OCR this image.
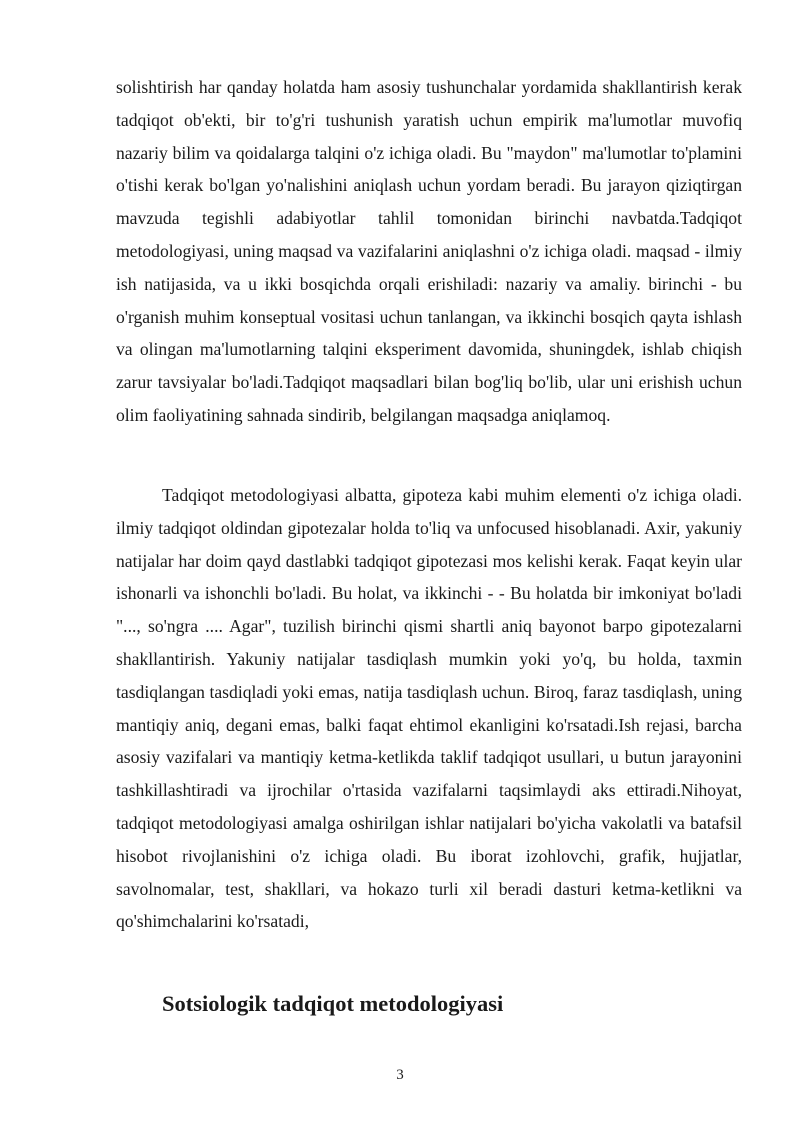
solishtirish har qanday holatda ham asosiy tushunchalar yordamida shakllantirish kerak tadqiqot ob'ekti, bir to'g'ri tushunish yaratish uchun empirik ma'lumotlar muvofiq nazariy bilim va qoidalarga talqini o'z ichiga oladi. Bu "maydon" ma'lumotlar to'plamini o'tishi kerak bo'lgan yo'nalishini aniqlash uchun yordam beradi. Bu jarayon qiziqtirgan mavzuda tegishli adabiyotlar tahlil tomonidan birinchi navbatda.Tadqiqot metodologiyasi, uning maqsad va vazifalarini aniqlashni o'z ichiga oladi. maqsad - ilmiy ish natijasida, va u ikki bosqichda orqali erishiladi: nazariy va amaliy. birinchi - bu o'rganish muhim konseptual vositasi uchun tanlangan, va ikkinchi bosqich qayta ishlash va olingan ma'lumotlarning talqini eksperiment davomida, shuningdek, ishlab chiqish zarur tavsiyalar bo'ladi.Tadqiqot maqsadlari bilan bog'liq bo'lib, ular uni erishish uchun olim faoliyatining sahnada sindirib, belgilangan maqsadga aniqlamoq.

Tadqiqot metodologiyasi albatta, gipoteza kabi muhim elementi o'z ichiga oladi. ilmiy tadqiqot oldindan gipotezalar holda to'liq va unfocused hisoblanadi. Axir, yakuniy natijalar har doim qayd dastlabki tadqiqot gipotezasi mos kelishi kerak. Faqat keyin ular ishonarli va ishonchli bo'ladi. Bu holat, va ikkinchi - - Bu holatda bir imkoniyat bo'ladi "..., so'ngra .... Agar", tuzilish birinchi qismi shartli aniq bayonot barpo gipotezalarni shakllantirish. Yakuniy natijalar tasdiqlash mumkin yoki yo'q, bu holda, taxmin tasdiqlangan tasdiqladi yoki emas, natija tasdiqlash uchun. Biroq, faraz tasdiqlash, uning mantiqiy aniq, degani emas, balki faqat ehtimol ekanligini ko'rsatadi.Ish rejasi, barcha asosiy vazifalari va mantiqiy ketma-ketlikda taklif tadqiqot usullari, u butun jarayonini tashkillashtiradi va ijrochilar o'rtasida vazifalarni taqsimlaydi aks ettiradi.Nihoyat, tadqiqot metodologiyasi amalga oshirilgan ishlar natijalari bo'yicha vakolatli va batafsil hisobot rivojlanishini o'z ichiga oladi. Bu iborat izohlovchi, grafik, hujjatlar, savolnomalar, test, shakllari, va hokazo turli xil beradi dasturi ketma-ketlikni va qo'shimchalarini ko'rsatadi,

Sotsiologik tadqiqot metodologiyasi
3
